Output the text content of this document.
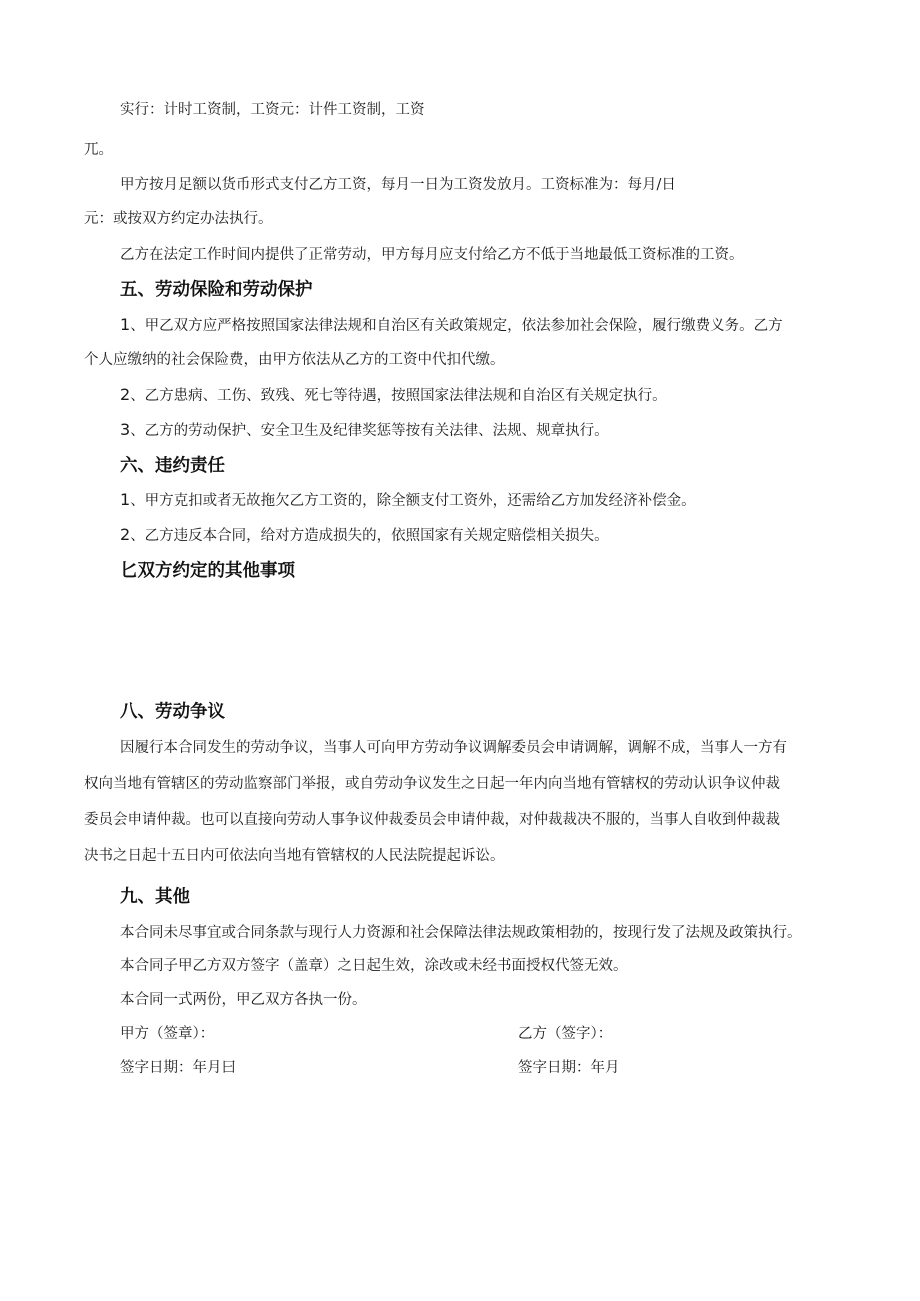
实行：计时工资制，工资元：计件工资制，工资
兀。
甲方按月足额以货币形式支付乙方工资，每月一日为工资发放月。工资标准为：每月/日
元：或按双方约定办法执行。
乙方在法定工作时间内提供了正常劳动，甲方每月应支付给乙方不低于当地最低工资标准的工资。
五、劳动保险和劳动保护
1、甲乙双方应严格按照国家法律法规和自治区有关政策规定，依法参加社会保险，履行缴费义务。乙方
个人应缴纳的社会保险费，由甲方依法从乙方的工资中代扣代缴。
2、乙方患病、工伤、致残、死七等待遇，按照国家法律法规和自治区有关规定执行。
3、乙方的劳动保护、安全卫生及纪律奖惩等按有关法律、法规、规章执行。
六、违约责任
1、甲方克扣或者无故拖欠乙方工资的，除全额支付工资外，还需给乙方加发经济补偿金。
2、乙方违反本合同，给对方造成损失的，依照国家有关规定赔偿相关损失。
匕双方约定的其他事项
八、劳动争议
因履行本合同发生的劳动争议，当事人可向甲方劳动争议调解委员会申请调解，调解不成，当事人一方有
权向当地有管辖区的劳动监察部门举报，或自劳动争议发生之日起一年内向当地有管辖权的劳动认识争议仲裁
委员会申请仲裁。也可以直接向劳动人事争议仲裁委员会申请仲裁，对仲裁裁决不服的，当事人自收到仲裁裁
决书之日起十五日内可依法向当地有管辖权的人民法院提起诉讼。
九、其他
本合同未尽事宜或合同条款与现行人力资源和社会保障法律法规政策相勃的，按现行发了法规及政策执行。
本合同子甲乙方双方签字（盖章）之日起生效，涂改或未经书面授权代签无效。
本合同一式两份，甲乙双方各执一份。
甲方（签章）：	乙方（签字）：
签字日期：年月曰	签字日期：年月
